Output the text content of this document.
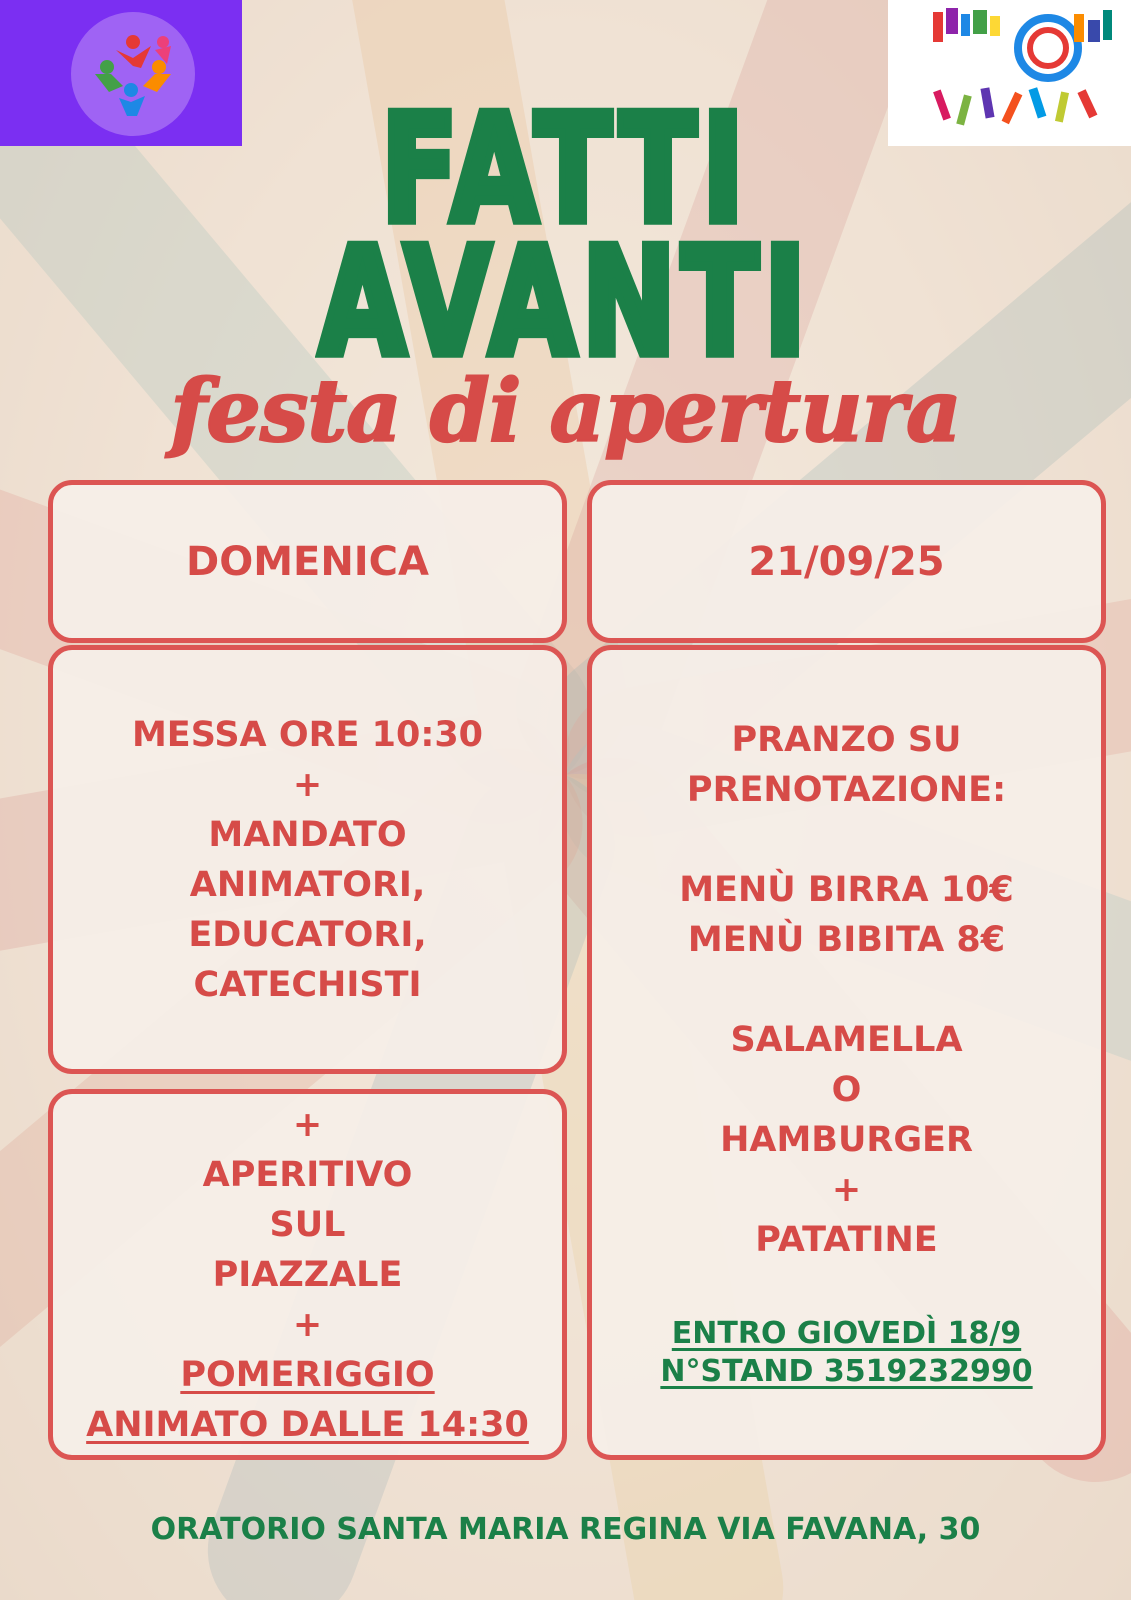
FATTI
AVANTI
festa di apertura
DOMENICA	21/09/25
MESSA ORE 10:30
+
MANDATO
ANIMATORI,
EDUCATORI,
CATECHISTI
+
APERITIVO
SUL
PIAZZALE
+
POMERIGGIO
ANIMATO DALLE 14:30
PRANZO SU
PRENOTAZIONE:
MENÙ BIRRA 10€
MENÙ BIBITA 8€
SALAMELLA
O
HAMBURGER
+
PATATINE
ENTRO GIOVEDÌ 18/9
N°STAND 3519232990
ORATORIO SANTA MARIA REGINA VIA FAVANA, 30
